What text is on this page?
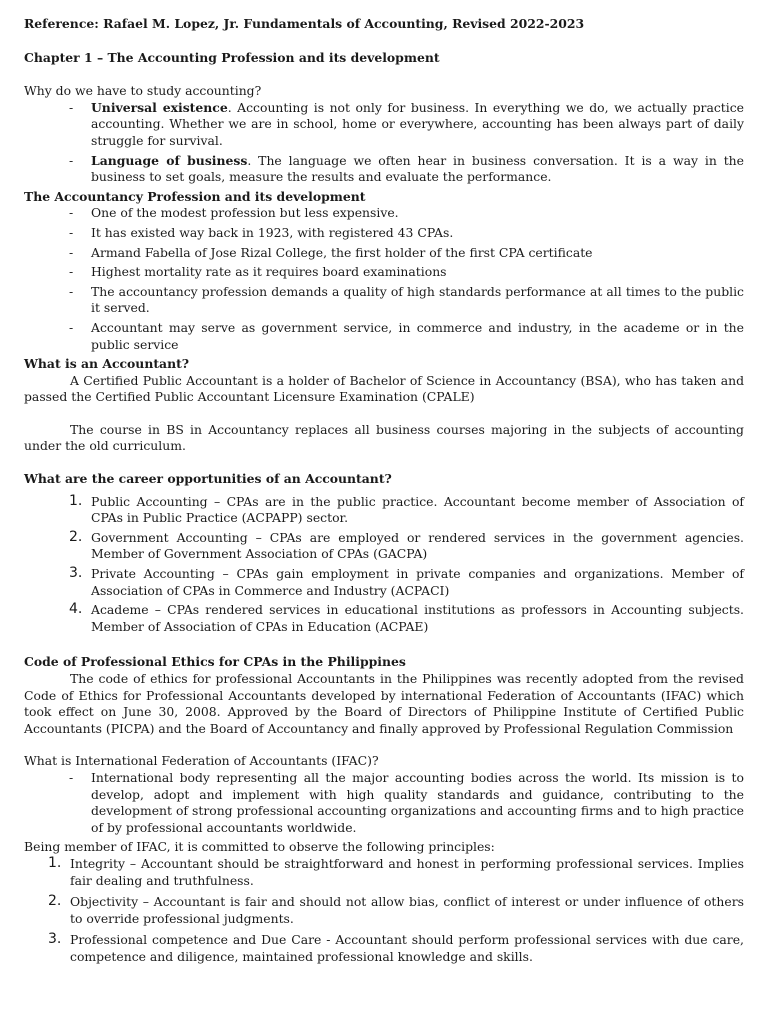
Reference: Rafael M. Lopez, Jr. Fundamentals of Accounting, Revised 2022-2023

Chapter 1 – The Accounting Profession and its development

Why do we have to study accounting?

- Universal existence. Accounting is not only for business. In everything we do, we actually practice accounting. Whether we are in school, home or everywhere, accounting has been always part of daily struggle for survival.
- Language of business. The language we often hear in business conversation. It is a way in the business to set goals, measure the results and evaluate the performance.

The Accountancy Profession and its development

- One of the modest profession but less expensive.
- It has existed way back in 1923, with registered 43 CPAs.
- Armand Fabella of Jose Rizal College, the first holder of the first CPA certificate
- Highest mortality rate as it requires board examinations
- The accountancy profession demands a quality of high standards performance at all times to the public it served.
- Accountant may serve as government service, in commerce and industry, in the academe or in the public service

What is an Accountant?

A Certified Public Accountant is a holder of Bachelor of Science in Accountancy (BSA), who has taken and passed the Certified Public Accountant Licensure Examination (CPALE)

The course in BS in Accountancy replaces all business courses majoring in the subjects of accounting under the old curriculum.

What are the career opportunities of an Accountant?

1. Public Accounting – CPAs are in the public practice. Accountant become member of Association of CPAs in Public Practice (ACPAPP) sector.
2. Government Accounting – CPAs are employed or rendered services in the government agencies. Member of Government Association of CPAs (GACPA)
3. Private Accounting – CPAs gain employment in private companies and organizations. Member of Association of CPAs in Commerce and Industry (ACPACI)
4. Academe – CPAs rendered services in educational institutions as professors in Accounting subjects. Member of Association of CPAs in Education (ACPAE)

Code of Professional Ethics for CPAs in the Philippines

The code of ethics for professional Accountants in the Philippines was recently adopted from the revised Code of Ethics for Professional Accountants developed by international Federation of Accountants (IFAC) which took effect on June 30, 2008. Approved by the Board of Directors of Philippine Institute of Certified Public Accountants (PICPA) and the Board of Accountancy and finally approved by Professional Regulation Commission

What is International Federation of Accountants (IFAC)?

- International body representing all the major accounting bodies across the world. Its mission is to develop, adopt and implement with high quality standards and guidance, contributing to the development of strong professional accounting organizations and accounting firms and to high practice of by professional accountants worldwide.

Being member of IFAC, it is committed to observe the following principles:

1. Integrity – Accountant should be straightforward and honest in performing professional services. Implies fair dealing and truthfulness.
2. Objectivity – Accountant is fair and should not allow bias, conflict of interest or under influence of others to override professional judgments.
3. Professional competence and Due Care - Accountant should perform professional services with due care, competence and diligence, maintained professional knowledge and skills.
